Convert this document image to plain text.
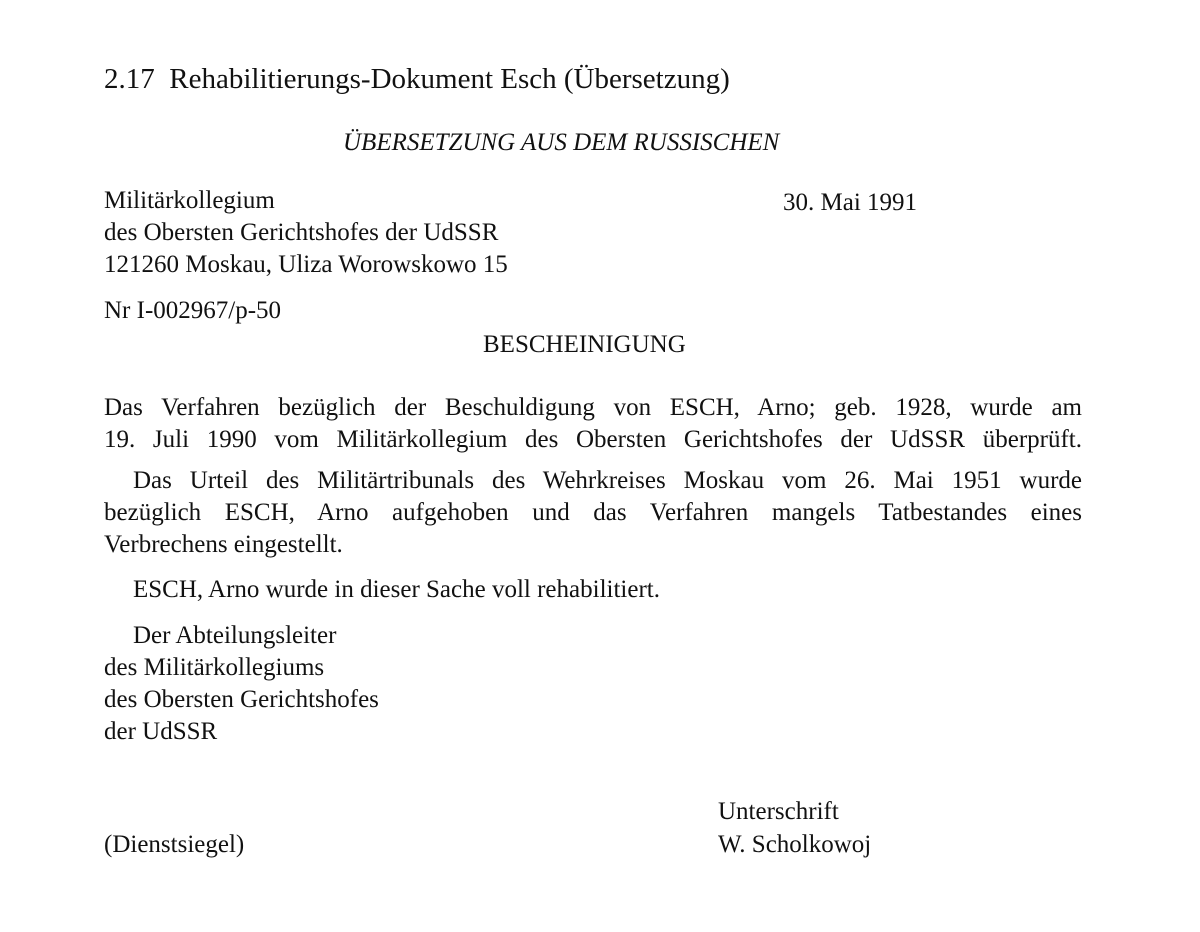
2.17 Rehabilitierungs-Dokument Esch (Übersetzung)
ÜBERSETZUNG AUS DEM RUSSISCHEN
Militärkollegium
des Obersten Gerichtshofes der UdSSR
121260 Moskau, Uliza Worowskowo 15
30. Mai 1991
Nr I-002967/p-50
BESCHEINIGUNG
Das Verfahren bezüglich der Beschuldigung von ESCH, Arno; geb. 1928, wurde am
19. Juli 1990 vom Militärkollegium des Obersten Gerichtshofes der UdSSR überprüft.
Das Urteil des Militärtribunals des Wehrkreises Moskau vom 26. Mai 1951 wurde
bezüglich ESCH, Arno aufgehoben und das Verfahren mangels Tatbestandes eines
Verbrechens eingestellt.
ESCH, Arno wurde in dieser Sache voll rehabilitiert.
Der Abteilungsleiter
des Militärkollegiums
des Obersten Gerichtshofes
der UdSSR
Unterschrift
W. Scholkowoj
(Dienstsiegel)
